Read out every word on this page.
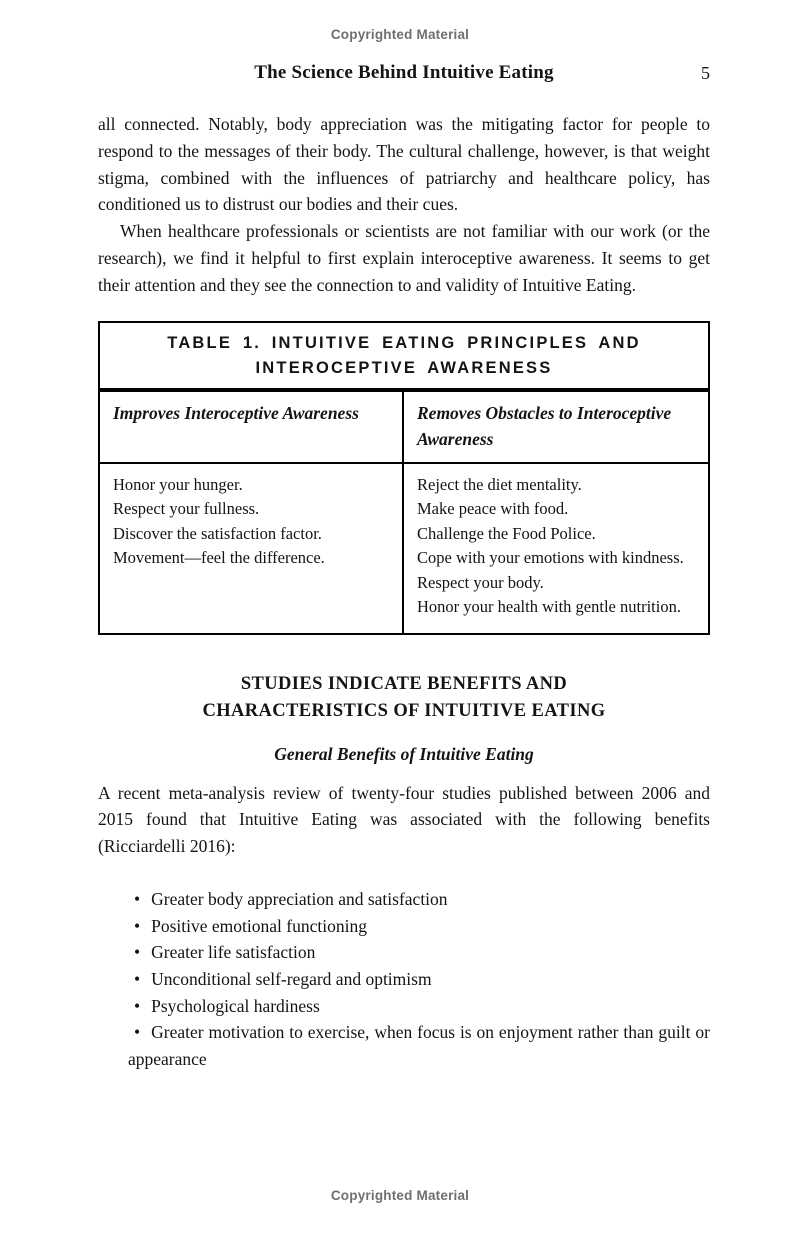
Copyrighted Material
The Science Behind Intuitive Eating	5

all connected. Notably, body appreciation was the mitigating factor for people to respond to the messages of their body. The cultural challenge, however, is that weight stigma, combined with the influences of patriarchy and healthcare policy, has conditioned us to distrust our bodies and their cues.

When healthcare professionals or scientists are not familiar with our work (or the research), we find it helpful to first explain interoceptive awareness. It seems to get their attention and they see the connection to and validity of Intuitive Eating.

TABLE 1. INTUITIVE EATING PRINCIPLES AND
INTEROCEPTIVE AWARENESS
Improves Interoceptive Awareness	Removes Obstacles to Interoceptive Awareness

Honor your hunger.

Respect your fullness.

Discover the satisfaction factor.

Movement—feel the difference.

Reject the diet mentality.

Make peace with food.

Challenge the Food Police.

Cope with your emotions with kindness.

Respect your body.

Honor your health with gentle nutrition.

STUDIES INDICATE BENEFITS AND
CHARACTERISTICS OF INTUITIVE EATING
General Benefits of Intuitive Eating

A recent meta-analysis review of twenty-four studies published between 2006 and 2015 found that Intuitive Eating was associated with the following benefits (Ricciardelli 2016):

• Greater body appreciation and satisfaction
• Positive emotional functioning
• Greater life satisfaction
• Unconditional self-regard and optimism
• Psychological hardiness
• Greater motivation to exercise, when focus is on enjoyment rather than guilt or appearance
Copyrighted Material
